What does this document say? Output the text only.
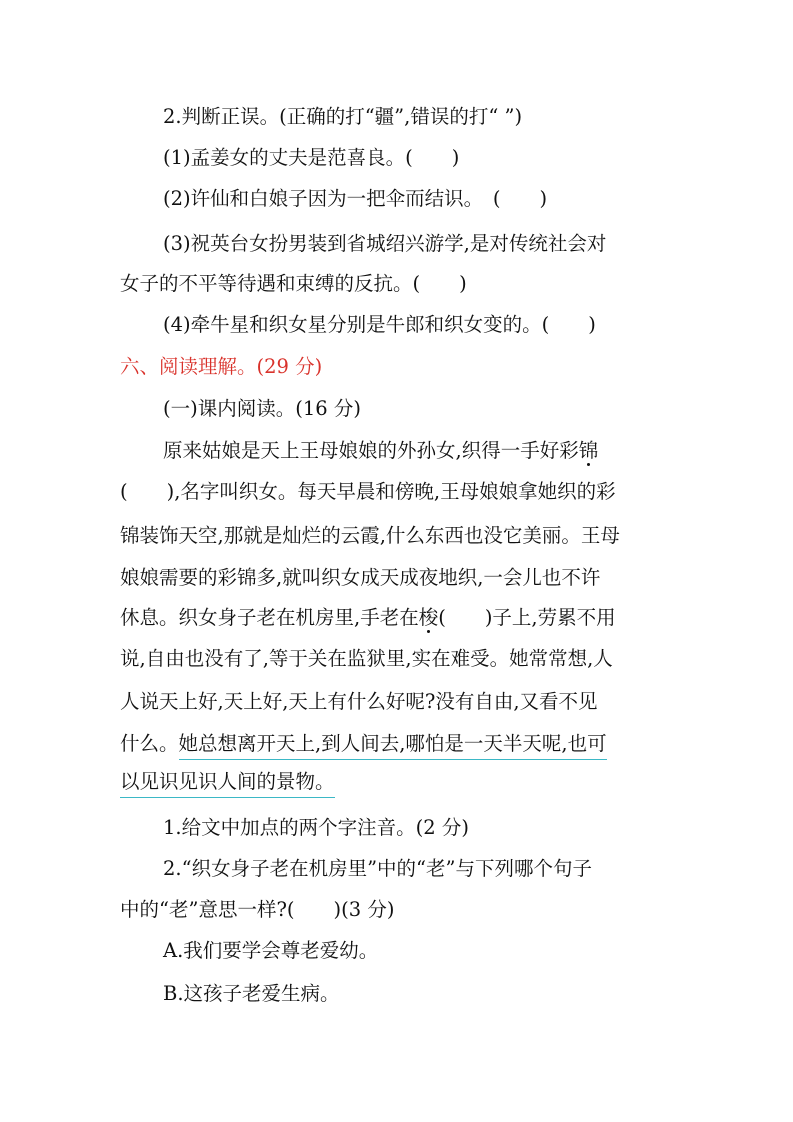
2.判断正误。(正确的打“疆”,错误的打“ ”)
(1)孟姜女的丈夫是范喜良。(　　)
(2)许仙和白娘子因为一把伞而结识。　(　　)
(3)祝英台女扮男装到省城绍兴游学,是对传统社会对
女子的不平等待遇和束缚的反抗。(　　)
(4)牵牛星和织女星分别是牛郎和织女变的。(　　)
六、阅读理解。(29 分)
(一)课内阅读。(16 分)
原来姑娘是天上王母娘娘的外孙女,织得一手好彩锦
(　　),名字叫织女。每天早晨和傍晚,王母娘娘拿她织的彩
锦装饰天空,那就是灿烂的云霞,什么东西也没它美丽。王母
娘娘需要的彩锦多,就叫织女成天成夜地织,一会儿也不许
休息。织女身子老在机房里,手老在梭(　　)子上,劳累不用
说,自由也没有了,等于关在监狱里,实在难受。她常常想,人
人说天上好,天上好,天上有什么好呢?没有自由,又看不见
什么。她总想离开天上,到人间去,哪怕是一天半天呢,也可
以见识见识人间的景物。
1.给文中加点的两个字注音。(2 分)
2.“织女身子老在机房里”中的“老”与下列哪个句子
中的“老”意思一样?(　　)(3 分)
A.我们要学会尊老爱幼。
B.这孩子老爱生病。
